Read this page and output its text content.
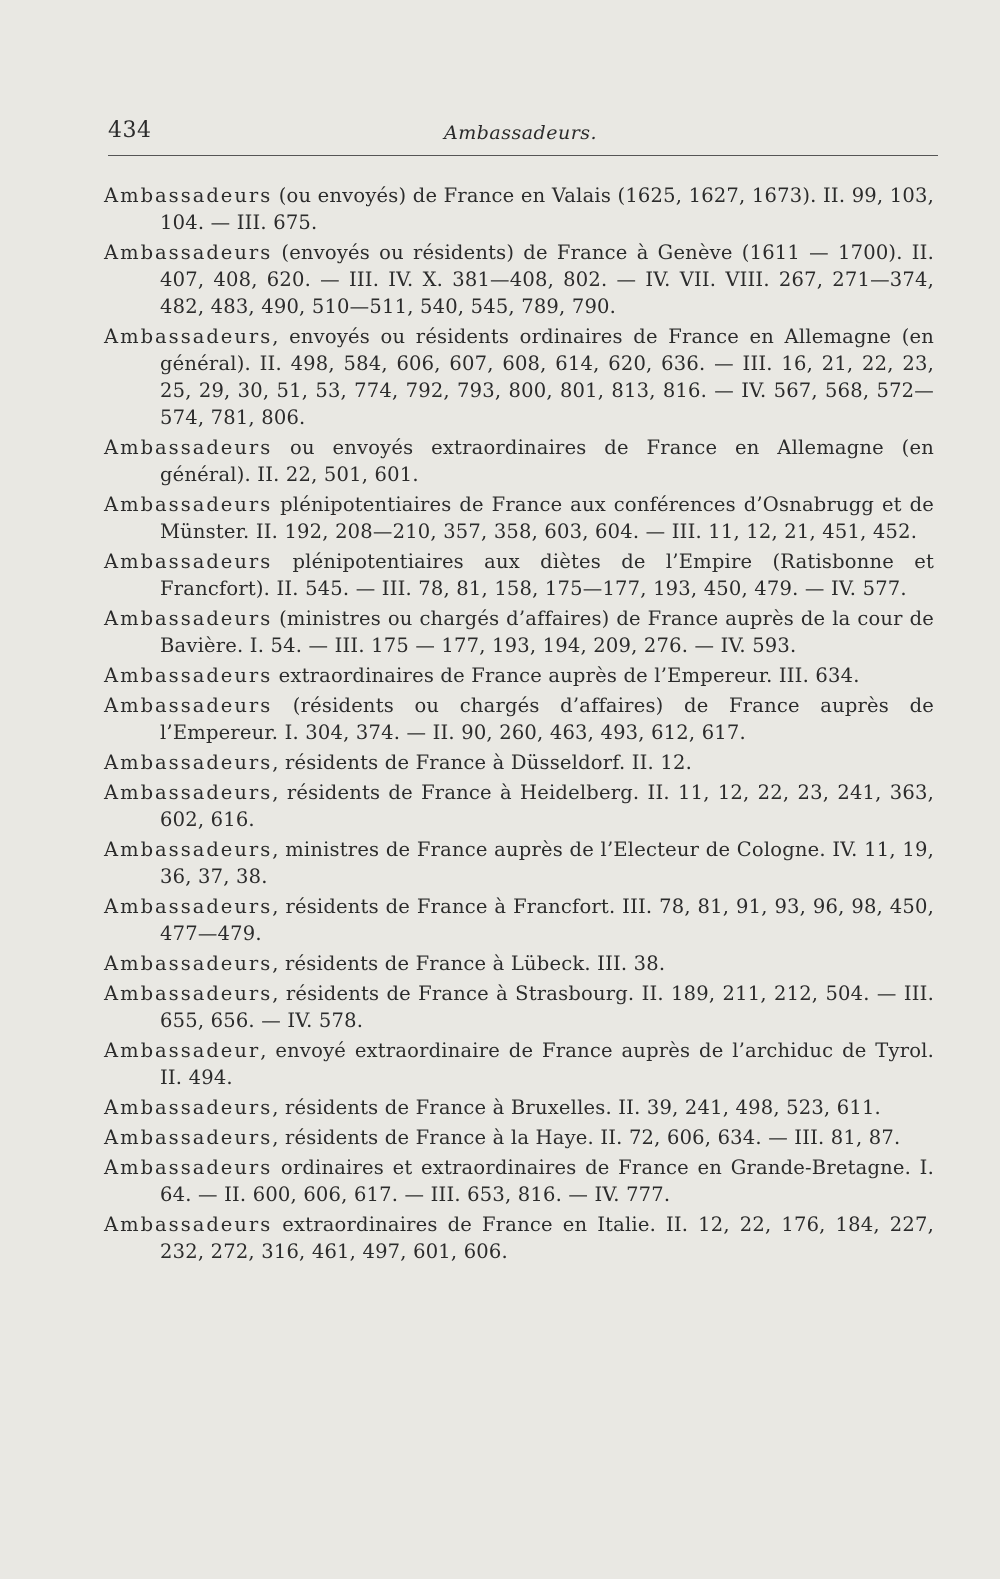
434	Ambassadeurs.

Ambassadeurs (ou envoyés) de France en Valais (1625, 1627, 1673). II. 99, 103, 104. — III. 675.

Ambassadeurs (envoyés ou résidents) de France à Genève (1611 — 1700). II. 407, 408, 620. — III. IV. X. 381—408, 802. — IV. VII. VIII. 267, 271—374, 482, 483, 490, 510—511, 540, 545, 789, 790.

Ambassadeurs, envoyés ou résidents ordinaires de France en Allemagne (en général). II. 498, 584, 606, 607, 608, 614, 620, 636. — III. 16, 21, 22, 23, 25, 29, 30, 51, 53, 774, 792, 793, 800, 801, 813, 816. — IV. 567, 568, 572—574, 781, 806.

Ambassadeurs ou envoyés extraordinaires de France en Allemagne (en général). II. 22, 501, 601.

Ambassadeurs plénipotentiaires de France aux conférences d’Osnabrugg et de Münster. II. 192, 208—210, 357, 358, 603, 604. — III. 11, 12, 21, 451, 452.

Ambassadeurs plénipotentiaires aux diètes de l’Empire (Ratisbonne et Francfort). II. 545. — III. 78, 81, 158, 175—177, 193, 450, 479. — IV. 577.

Ambassadeurs (ministres ou chargés d’affaires) de France auprès de la cour de Bavière. I. 54. — III. 175 — 177, 193, 194, 209, 276. — IV. 593.

Ambassadeurs extraordinaires de France auprès de l’Empereur. III. 634.

Ambassadeurs (résidents ou chargés d’affaires) de France auprès de l’Empereur. I. 304, 374. — II. 90, 260, 463, 493, 612, 617.

Ambassadeurs, résidents de France à Düsseldorf. II. 12.

Ambassadeurs, résidents de France à Heidelberg. II. 11, 12, 22, 23, 241, 363, 602, 616.

Ambassadeurs, ministres de France auprès de l’Electeur de Cologne. IV. 11, 19, 36, 37, 38.

Ambassadeurs, résidents de France à Francfort. III. 78, 81, 91, 93, 96, 98, 450, 477—479.

Ambassadeurs, résidents de France à Lübeck. III. 38.

Ambassadeurs, résidents de France à Strasbourg. II. 189, 211, 212, 504. — III. 655, 656. — IV. 578.

Ambassadeur, envoyé extraordinaire de France auprès de l’archiduc de Tyrol. II. 494.

Ambassadeurs, résidents de France à Bruxelles. II. 39, 241, 498, 523, 611.

Ambassadeurs, résidents de France à la Haye. II. 72, 606, 634. — III. 81, 87.

Ambassadeurs ordinaires et extraordinaires de France en Grande-Bretagne. I. 64. — II. 600, 606, 617. — III. 653, 816. — IV. 777.

Ambassadeurs extraordinaires de France en Italie. II. 12, 22, 176, 184, 227, 232, 272, 316, 461, 497, 601, 606.
